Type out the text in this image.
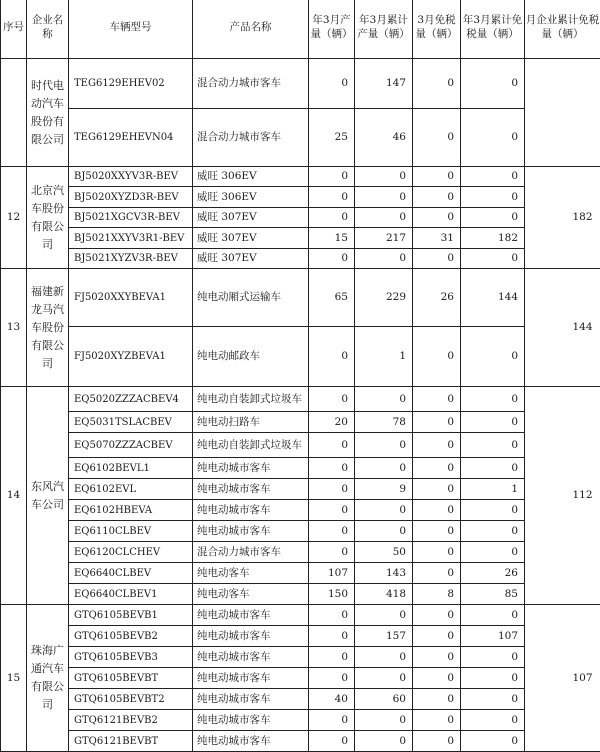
序号	企业名称	车辆型号	产品名称	年3月产量（辆）	年3月累计产量（辆）	3月免税量（辆）	年3月累计免税量（辆）	月企业累计免税量（辆）
	时代电动汽车股份有限公司	TEG6129EHEV02	混合动力城市客车	0	147	0	0	
		TEG6129EHEVN04	混合动力城市客车	25	46	0	0	
12	北京汽车股份有限公司	BJ5020XXYV3R-BEV	威旺 306EV	0	0	0	0	182
		BJ5020XYZD3R-BEV	威旺 306EV	0	0	0	0	
		BJ5021XGCV3R-BEV	威旺 307EV	0	0	0	0	
		BJ5021XXYV3R1-BEV	威旺 307EV	15	217	31	182	
		BJ5021XYZV3R-BEV	威旺 307EV	0	0	0	0	
13	福建新龙马汽车股份有限公司	FJ5020XXYBEVA1	纯电动厢式运输车	65	229	26	144	144
		FJ5020XYZBEVA1	纯电动邮政车	0	1	0	0	
14	东风汽车公司	EQ5020ZZZACBEV4	纯电动自装卸式垃圾车	0	0	0	0	112
		EQ5031TSLACBEV	纯电动扫路车	20	78	0	0	
		EQ5070ZZZACBEV	纯电动自装卸式垃圾车	0	0	0	0	
		EQ6102BEVL1	纯电动城市客车	0	0	0	0	
		EQ6102EVL	纯电动城市客车	0	9	0	1	
		EQ6102HBEVA	纯电动城市客车	0	0	0	0	
		EQ6110CLBEV	纯电动城市客车	0	0	0	0	
		EQ6120CLCHEV	混合动力城市客车	0	50	0	0	
		EQ6640CLBEV	纯电动客车	107	143	0	26	
		EQ6640CLBEV1	纯电动客车	150	418	8	85	
15	珠海广通汽车有限公司	GTQ6105BEVB1	纯电动城市客车	0	0	0	0	107
		GTQ6105BEVB2	纯电动城市客车	0	157	0	107	
		GTQ6105BEVB3	纯电动城市客车	0	0	0	0	
		GTQ6105BEVBT	纯电动城市客车	0	0	0	0	
		GTQ6105BEVBT2	纯电动城市客车	40	60	0	0	
		GTQ6121BEVB2	纯电动城市客车	0	0	0	0	
		GTQ6121BEVBT	纯电动城市客车	0	0	0	0	
